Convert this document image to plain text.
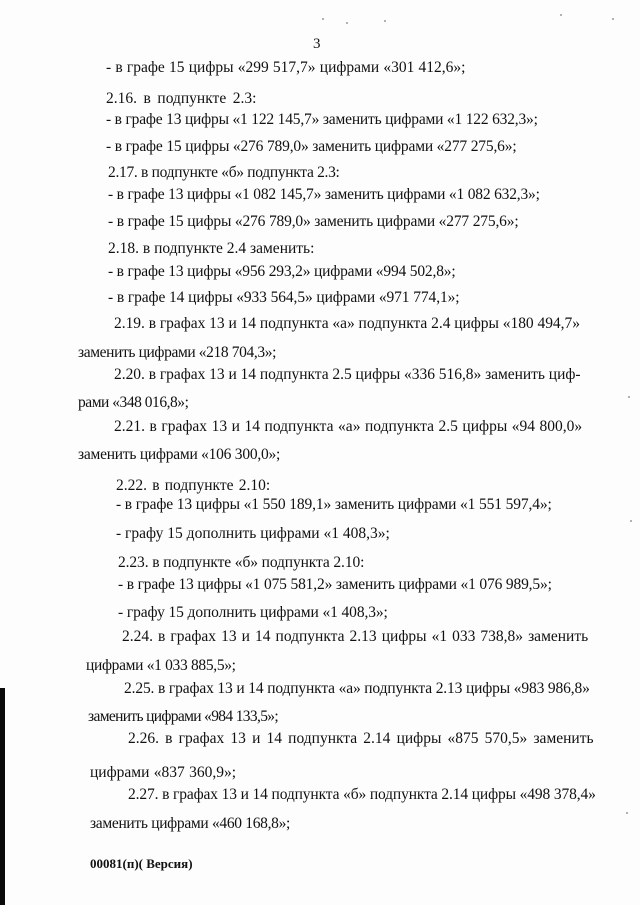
3
- в графе 15 цифры «299 517,7» цифрами «301 412,6»;
2.16. в подпункте 2.3:
- в графе 13 цифры «1 122 145,7» заменить цифрами «1 122 632,3»;
- в графе 15 цифры «276 789,0» заменить цифрами «277 275,6»;
2.17. в подпункте «б» подпункта 2.3:
- в графе 13 цифры «1 082 145,7» заменить цифрами «1 082 632,3»;
- в графе 15 цифры «276 789,0» заменить цифрами «277 275,6»;
2.18. в подпункте 2.4 заменить:
- в графе 13 цифры «956 293,2» цифрами «994 502,8»;
- в графе 14 цифры «933 564,5» цифрами «971 774,1»;
2.19. в графах 13 и 14 подпункта «а» подпункта 2.4 цифры «180 494,7»
заменить цифрами «218 704,3»;
2.20. в графах 13 и 14 подпункта 2.5 цифры «336 516,8» заменить циф-
рами «348 016,8»;
2.21. в графах 13 и 14 подпункта «а» подпункта 2.5 цифры «94 800,0»
заменить цифрами «106 300,0»;
2.22. в подпункте 2.10:
- в графе 13 цифры «1 550 189,1» заменить цифрами «1 551 597,4»;
- графу 15 дополнить цифрами «1 408,3»;
2.23. в подпункте «б» подпункта 2.10:
- в графе 13 цифры «1 075 581,2» заменить цифрами «1 076 989,5»;
- графу 15 дополнить цифрами «1 408,3»;
2.24. в графах 13 и 14 подпункта 2.13 цифры «1 033 738,8» заменить
цифрами «1 033 885,5»;
2.25. в графах 13 и 14 подпункта «а» подпункта 2.13 цифры «983 986,8»
заменить цифрами «984 133,5»;
2.26. в графах 13 и 14 подпункта 2.14 цифры «875 570,5» заменить
цифрами «837 360,9»;
2.27. в графах 13 и 14 подпункта «б» подпункта 2.14 цифры «498 378,4»
заменить цифрами «460 168,8»;
00081(п)( Версия)
